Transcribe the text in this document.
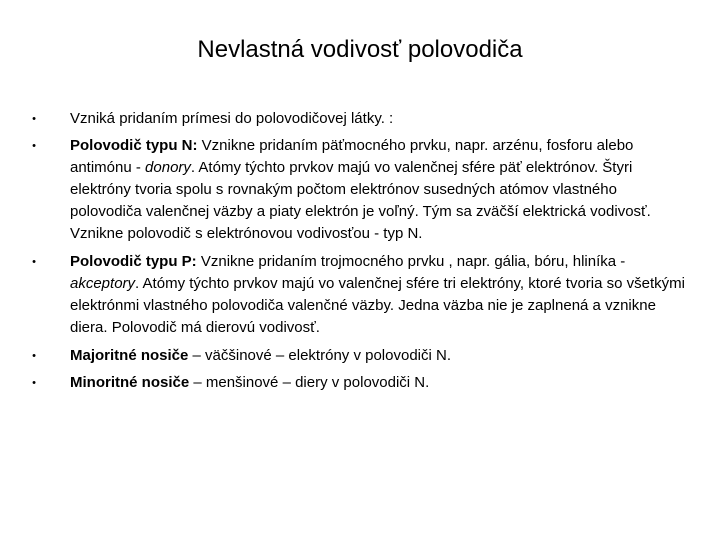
Nevlastná vodivosť polovodiča
• Vzniká pridaním prímesi do polovodičovej látky. :
• Polovodič typu N: Vznikne pridaním päťmocného prvku, napr. arzénu, fosforu alebo antimónu - donory. Atómy týchto prvkov majú vo valenčnej sfére päť elektrónov. Štyri elektróny tvoria spolu s rovnakým počtom elektrónov susedných atómov vlastného polovodiča valenčnej väzby a piaty elektrón je voľný. Tým sa zväčší elektrická vodivosť. Vznikne polovodič s elektrónovou vodivosťou - typ N.
• Polovodič typu P: Vznikne pridaním trojmocného prvku , napr. gália, bóru, hliníka - akceptory. Atómy týchto prvkov majú vo valenčnej sfére tri elektróny, ktoré tvoria so všetkými elektrónmi vlastného polovodiča valenčné väzby. Jedna väzba nie je zaplnená a vznikne diera. Polovodič má dierovú vodivosť.
• Majoritné nosiče – väčšinové – elektróny v polovodiči N.
• Minoritné nosiče – menšinové – diery v polovodiči N.
